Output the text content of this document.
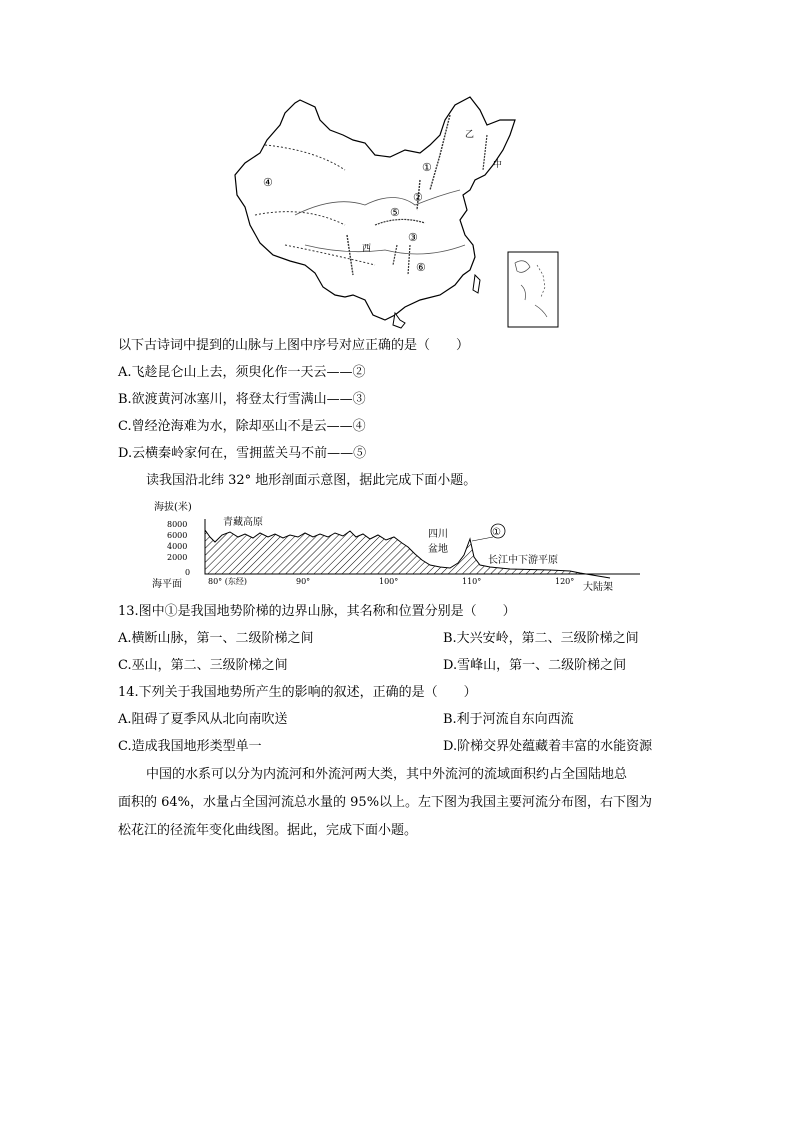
①
②
③
④
⑤
⑥
乙
中
西
以下古诗词中提到的山脉与上图中序号对应正确的是（　　）
A.飞趁昆仑山上去，须臾化作一天云——②
B.欲渡黄河冰塞川，将登太行雪满山——③
C.曾经沧海难为水，除却巫山不是云——④
D.云横秦岭家何在，雪拥蓝关马不前——⑤
读我国沿北纬 32° 地形剖面示意图，据此完成下面小题。
海拔(米)
8000
6000
4000
2000
0
海平面
青藏高原
四川
盆地
①
长江中下游平原
大陆架
80° (东经)	90°	100°	110°	120°
13.图中①是我国地势阶梯的边界山脉，其名称和位置分别是（　　）
A.横断山脉，第一、二级阶梯之间	B.大兴安岭，第二、三级阶梯之间
C.巫山，第二、三级阶梯之间	D.雪峰山，第一、二级阶梯之间
14.下列关于我国地势所产生的影响的叙述，正确的是（　　）
A.阻碍了夏季风从北向南吹送	B.利于河流自东向西流
C.造成我国地形类型单一	D.阶梯交界处蕴藏着丰富的水能资源
中国的水系可以分为内流河和外流河两大类，其中外流河的流域面积约占全国陆地总
面积的 64%，水量占全国河流总水量的 95%以上。左下图为我国主要河流分布图，右下图为
松花江的径流年变化曲线图。据此，完成下面小题。
